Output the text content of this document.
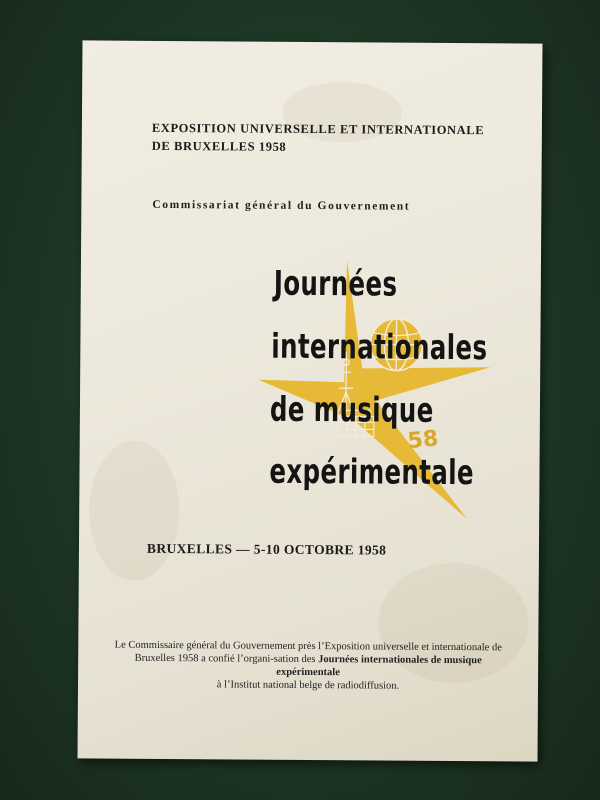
EXPOSITION UNIVERSELLE ET INTERNATIONALE

DE BRUXELLES 1958

Commissariat général du Gouvernement

Journées

internationales

de musique

expérimentale

58

BRUXELLES — 5-10 OCTOBRE 1958

Le Commissaire général du Gouvernement près l’Exposition universelle et internationale de Bruxelles 1958 a confié l’organi-sation des Journées internationales de musique expérimentale
à l’Institut national belge de radiodiffusion.
